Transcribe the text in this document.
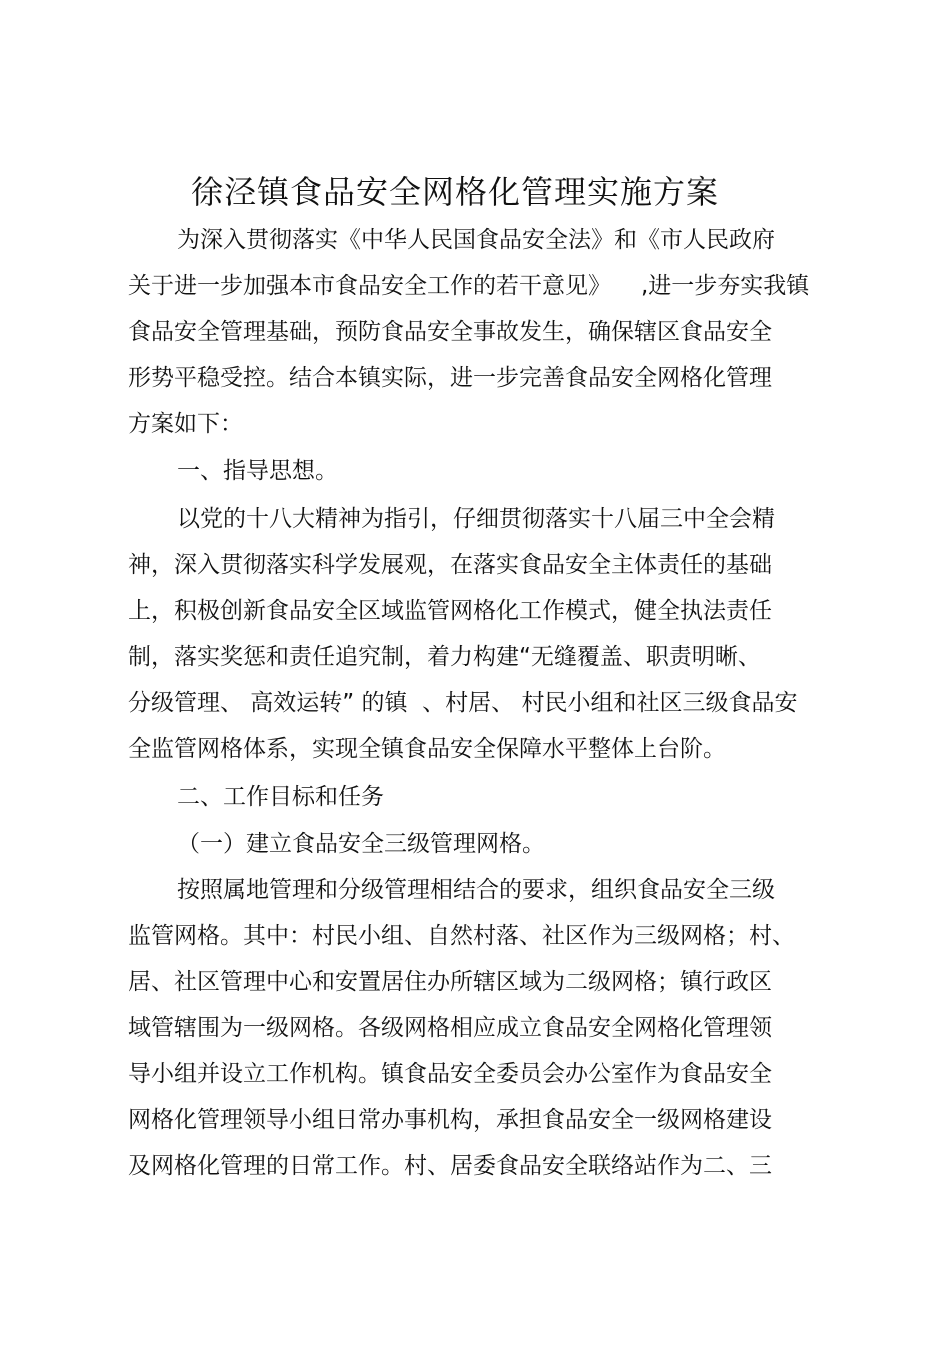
徐泾镇食品安全网格化管理实施方案
为深入贯彻落实《中华人民国食品安全法》和《市人民政府
关于进一步加强本市食品安全工作的若干意见》 ,进一步夯实我镇
食品安全管理基础，预防食品安全事故发生，确保辖区食品安全
形势平稳受控。结合本镇实际，进一步完善食品安全网格化管理
方案如下：
一、指导思想。
以党的十八大精神为指引，仔细贯彻落实十八届三中全会精
神，深入贯彻落实科学发展观，在落实食品安全主体责任的基础
上，积极创新食品安全区域监管网格化工作模式，健全执法责任
制，落实奖惩和责任追究制，着力构建“无缝覆盖、职责明晰、
分级管理、 高效运转” 的镇  、村居、 村民小组和社区三级食品安
全监管网格体系，实现全镇食品安全保障水平整体上台阶。
二、工作目标和任务
（一）建立食品安全三级管理网格。
按照属地管理和分级管理相结合的要求，组织食品安全三级
监管网格。其中：村民小组、自然村落、社区作为三级网格；村、
居、社区管理中心和安置居住办所辖区域为二级网格；镇行政区
域管辖围为一级网格。各级网格相应成立食品安全网格化管理领
导小组并设立工作机构。镇食品安全委员会办公室作为食品安全
网格化管理领导小组日常办事机构，承担食品安全一级网格建设
及网格化管理的日常工作。村、居委食品安全联络站作为二、三
